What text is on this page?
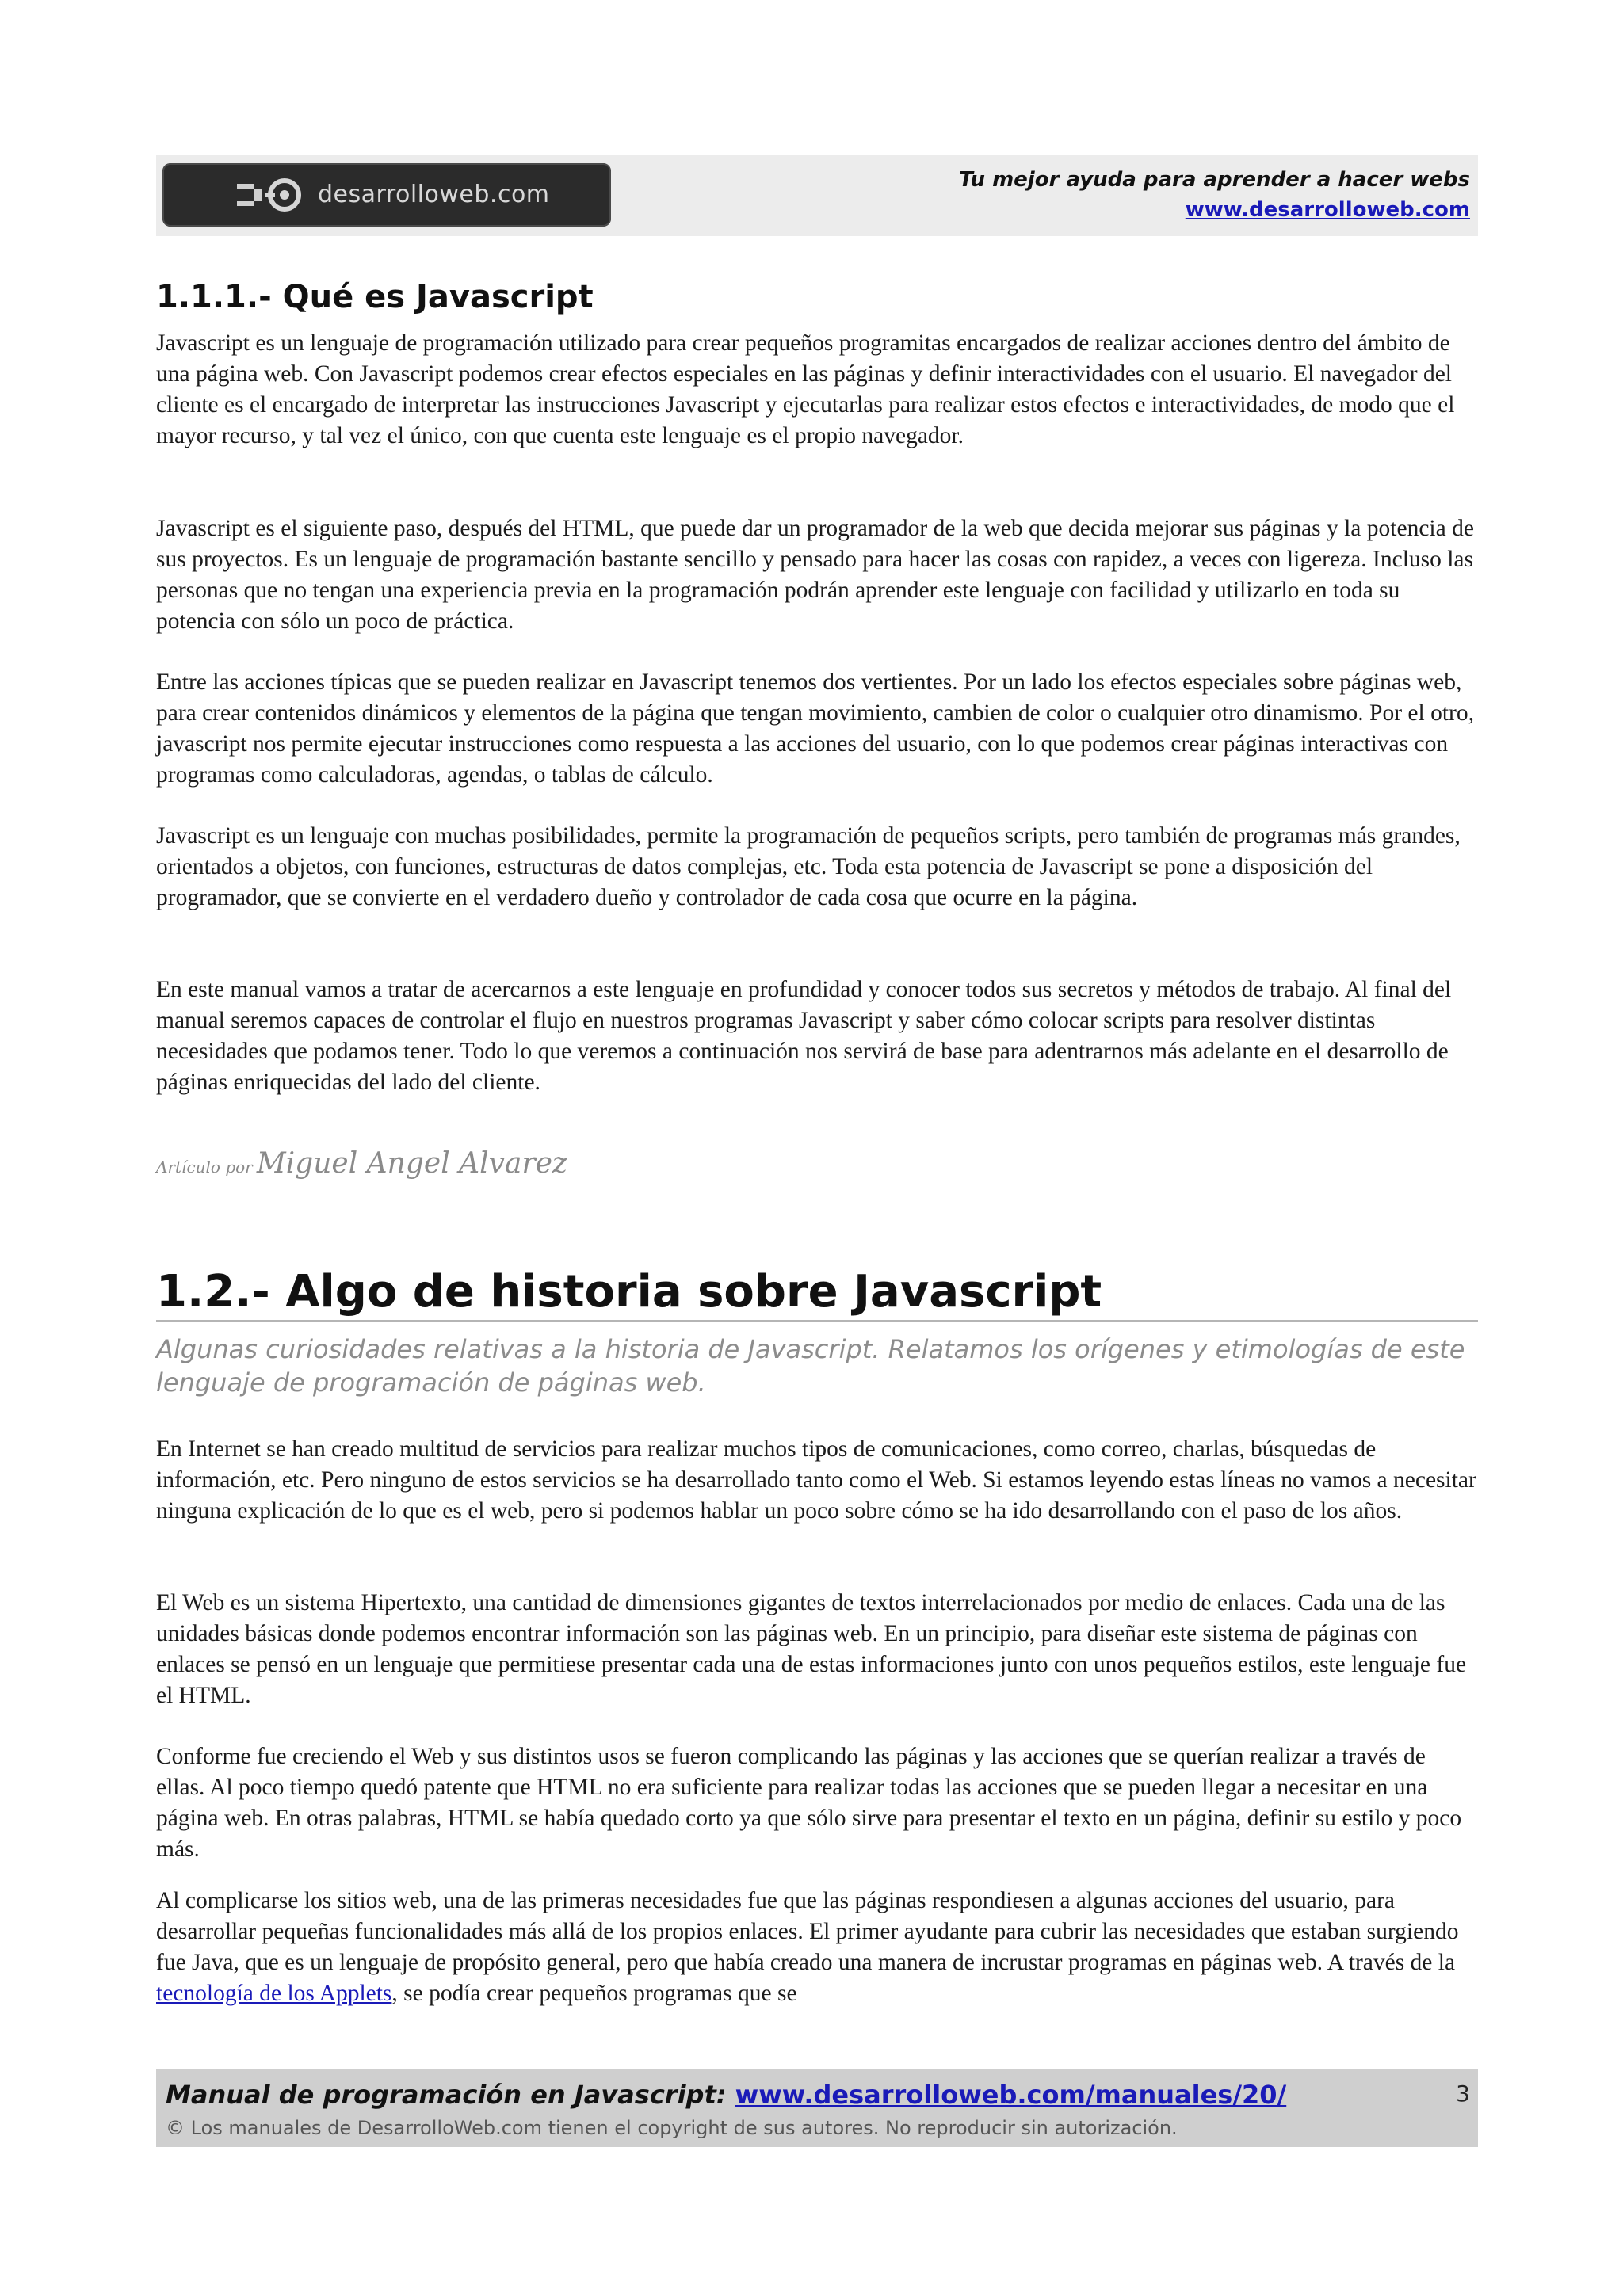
desarrolloweb.com
Tu mejor ayuda para aprender a hacer webs
www.desarrolloweb.com
1.1.1.- Qué es Javascript

Javascript es un lenguaje de programación utilizado para crear pequeños programitas encargados de realizar acciones dentro del ámbito de una página web. Con Javascript podemos crear efectos especiales en las páginas y definir interactividades con el usuario. El navegador del cliente es el encargado de interpretar las instrucciones Javascript y ejecutarlas para realizar estos efectos e interactividades, de modo que el mayor recurso, y tal vez el único, con que cuenta este lenguaje es el propio navegador.

Javascript es el siguiente paso, después del HTML, que puede dar un programador de la web que decida mejorar sus páginas y la potencia de sus proyectos. Es un lenguaje de programación bastante sencillo y pensado para hacer las cosas con rapidez, a veces con ligereza. Incluso las personas que no tengan una experiencia previa en la programación podrán aprender este lenguaje con facilidad y utilizarlo en toda su potencia con sólo un poco de práctica.

Entre las acciones típicas que se pueden realizar en Javascript tenemos dos vertientes. Por un lado los efectos especiales sobre páginas web, para crear contenidos dinámicos y elementos de la página que tengan movimiento, cambien de color o cualquier otro dinamismo. Por el otro, javascript nos permite ejecutar instrucciones como respuesta a las acciones del usuario, con lo que podemos crear páginas interactivas con programas como calculadoras, agendas, o tablas de cálculo.

Javascript es un lenguaje con muchas posibilidades, permite la programación de pequeños scripts, pero también de programas más grandes, orientados a objetos, con funciones, estructuras de datos complejas, etc. Toda esta potencia de Javascript se pone a disposición del programador, que se convierte en el verdadero dueño y controlador de cada cosa que ocurre en la página.

En este manual vamos a tratar de acercarnos a este lenguaje en profundidad y conocer todos sus secretos y métodos de trabajo. Al final del manual seremos capaces de controlar el flujo en nuestros programas Javascript y saber cómo colocar scripts para resolver distintas necesidades que podamos tener. Todo lo que veremos a continuación nos servirá de base para adentrarnos más adelante en el desarrollo de páginas enriquecidas del lado del cliente.

Artículo por Miguel Angel Alvarez
1.2.- Algo de historia sobre Javascript

Algunas curiosidades relativas a la historia de Javascript. Relatamos los orígenes y etimologías de este lenguaje de programación de páginas web.

En Internet se han creado multitud de servicios para realizar muchos tipos de comunicaciones, como correo, charlas, búsquedas de información, etc. Pero ninguno de estos servicios se ha desarrollado tanto como el Web. Si estamos leyendo estas líneas no vamos a necesitar ninguna explicación de lo que es el web, pero si podemos hablar un poco sobre cómo se ha ido desarrollando con el paso de los años.

El Web es un sistema Hipertexto, una cantidad de dimensiones gigantes de textos interrelacionados por medio de enlaces. Cada una de las unidades básicas donde podemos encontrar información son las páginas web. En un principio, para diseñar este sistema de páginas con enlaces se pensó en un lenguaje que permitiese presentar cada una de estas informaciones junto con unos pequeños estilos, este lenguaje fue el HTML.

Conforme fue creciendo el Web y sus distintos usos se fueron complicando las páginas y las acciones que se querían realizar a través de ellas. Al poco tiempo quedó patente que HTML no era suficiente para realizar todas las acciones que se pueden llegar a necesitar en una página web. En otras palabras, HTML se había quedado corto ya que sólo sirve para presentar el texto en un página, definir su estilo y poco más.

Al complicarse los sitios web, una de las primeras necesidades fue que las páginas respondiesen a algunas acciones del usuario, para desarrollar pequeñas funcionalidades más allá de los propios enlaces. El primer ayudante para cubrir las necesidades que estaban surgiendo fue Java, que es un lenguaje de propósito general, pero que había creado una manera de incrustar programas en páginas web. A través de la tecnología de los Applets, se podía crear pequeños programas que se

Manual de programación en Javascript: www.desarrolloweb.com/manuales/20/
© Los manuales de DesarrolloWeb.com tienen el copyright de sus autores. No reproducir sin autorización.
3
